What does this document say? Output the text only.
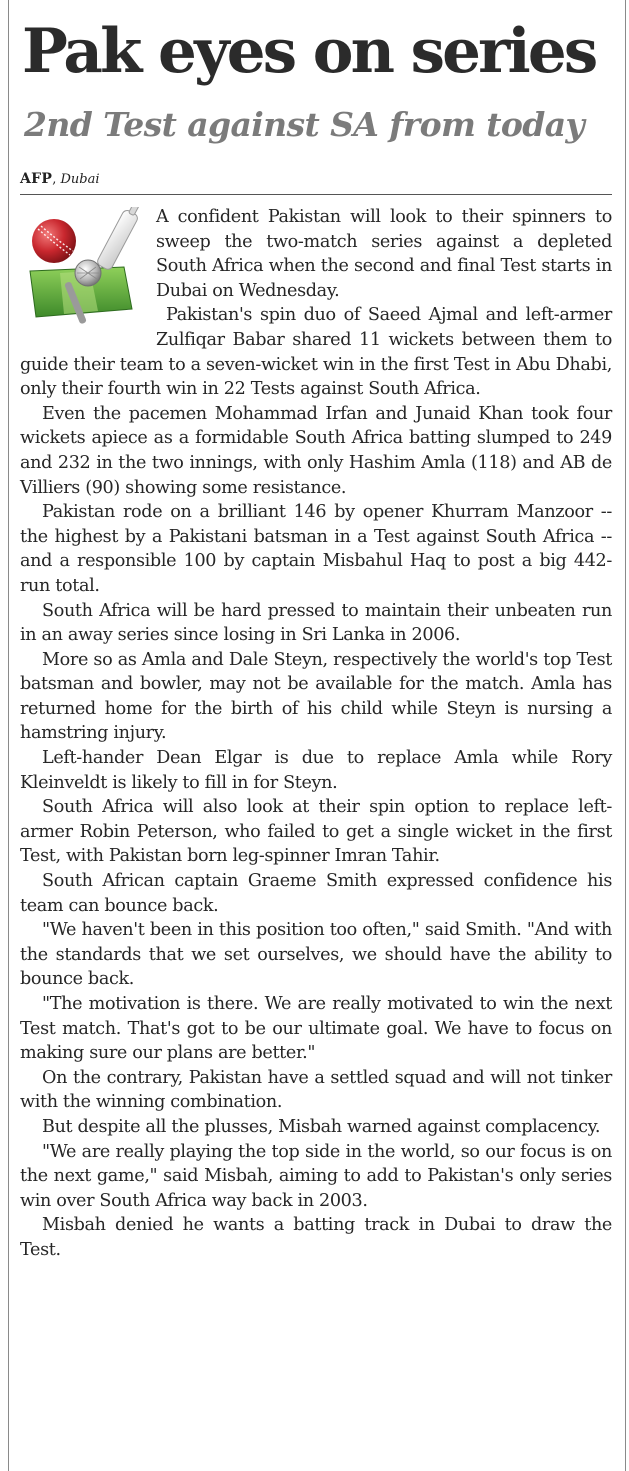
Pak eyes on series
2nd Test against SA from today
AFP, Dubai

A confident Pakistan will look to their spinners to sweep the two-match series against a depleted South Africa when the second and final Test starts in Dubai on Wednesday.

Pakistan's spin duo of Saeed Ajmal and left-armer Zulfiqar Babar shared 11 wickets between them to guide their team to a seven-wicket win in the first Test in Abu Dhabi, only their fourth win in 22 Tests against South Africa.

Even the pacemen Mohammad Irfan and Junaid Khan took four wickets apiece as a formidable South Africa batting slumped to 249 and 232 in the two innings, with only Hashim Amla (118) and AB de Villiers (90) showing some resistance.

Pakistan rode on a brilliant 146 by opener Khurram Manzoor -- the highest by a Pakistani batsman in a Test against South Africa -- and a responsible 100 by captain Misbahul Haq to post a big 442-run total.

South Africa will be hard pressed to maintain their unbeaten run in an away series since losing in Sri Lanka in 2006.

More so as Amla and Dale Steyn, respectively the world's top Test batsman and bowler, may not be available for the match. Amla has returned home for the birth of his child while Steyn is nursing a hamstring injury.

Left-hander Dean Elgar is due to replace Amla while Rory Kleinveldt is likely to fill in for Steyn.

South Africa will also look at their spin option to replace left-armer Robin Peterson, who failed to get a single wicket in the first Test, with Pakistan born leg-spinner Imran Tahir.

South African captain Graeme Smith expressed confidence his team can bounce back.

"We haven't been in this position too often," said Smith. "And with the standards that we set ourselves, we should have the ability to bounce back.

"The motivation is there. We are really motivated to win the next Test match. That's got to be our ultimate goal. We have to focus on making sure our plans are better."

On the contrary, Pakistan have a settled squad and will not tinker with the winning combination.

But despite all the plusses, Misbah warned against complacency.

"We are really playing the top side in the world, so our focus is on the next game," said Misbah, aiming to add to Pakistan's only series win over South Africa way back in 2003.

Misbah denied he wants a batting track in Dubai to draw the Test.
